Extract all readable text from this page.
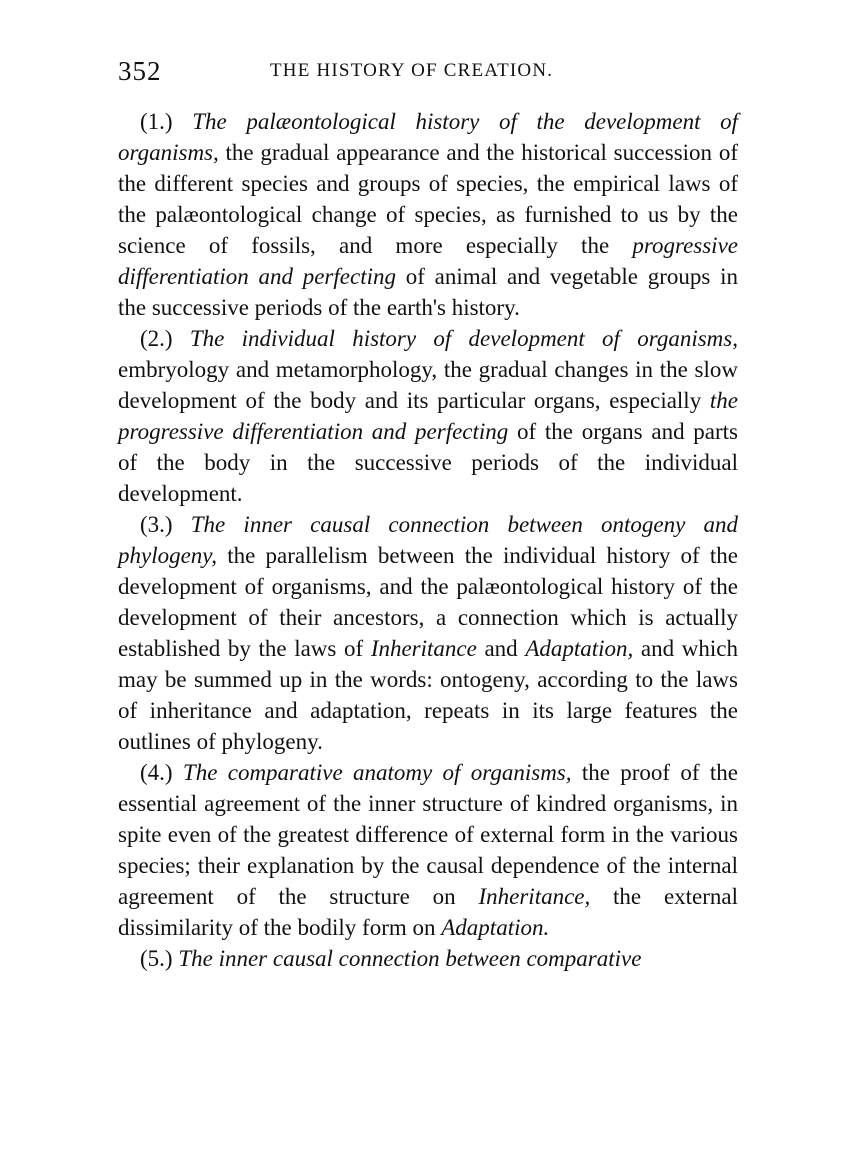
352	THE HISTORY OF CREATION.

(1.) The palæontological history of the development of organisms, the gradual appearance and the historical succession of the different species and groups of species, the empirical laws of the palæontological change of species, as furnished to us by the science of fossils, and more especially the progressive differentiation and perfecting of animal and vegetable groups in the successive periods of the earth's history.

(2.) The individual history of development of organisms, embryology and metamorphology, the gradual changes in the slow development of the body and its particular organs, especially the progressive differentiation and perfecting of the organs and parts of the body in the successive periods of the individual development.

(3.) The inner causal connection between ontogeny and phylogeny, the parallelism between the individual history of the development of organisms, and the palæontological history of the development of their ancestors, a connection which is actually established by the laws of Inheritance and Adaptation, and which may be summed up in the words: ontogeny, according to the laws of inheritance and adaptation, repeats in its large features the outlines of phylogeny.

(4.) The comparative anatomy of organisms, the proof of the essential agreement of the inner structure of kindred organisms, in spite even of the greatest difference of external form in the various species; their explanation by the causal dependence of the internal agreement of the structure on Inheritance, the external dissimilarity of the bodily form on Adaptation.

(5.) The inner causal connection between comparative
